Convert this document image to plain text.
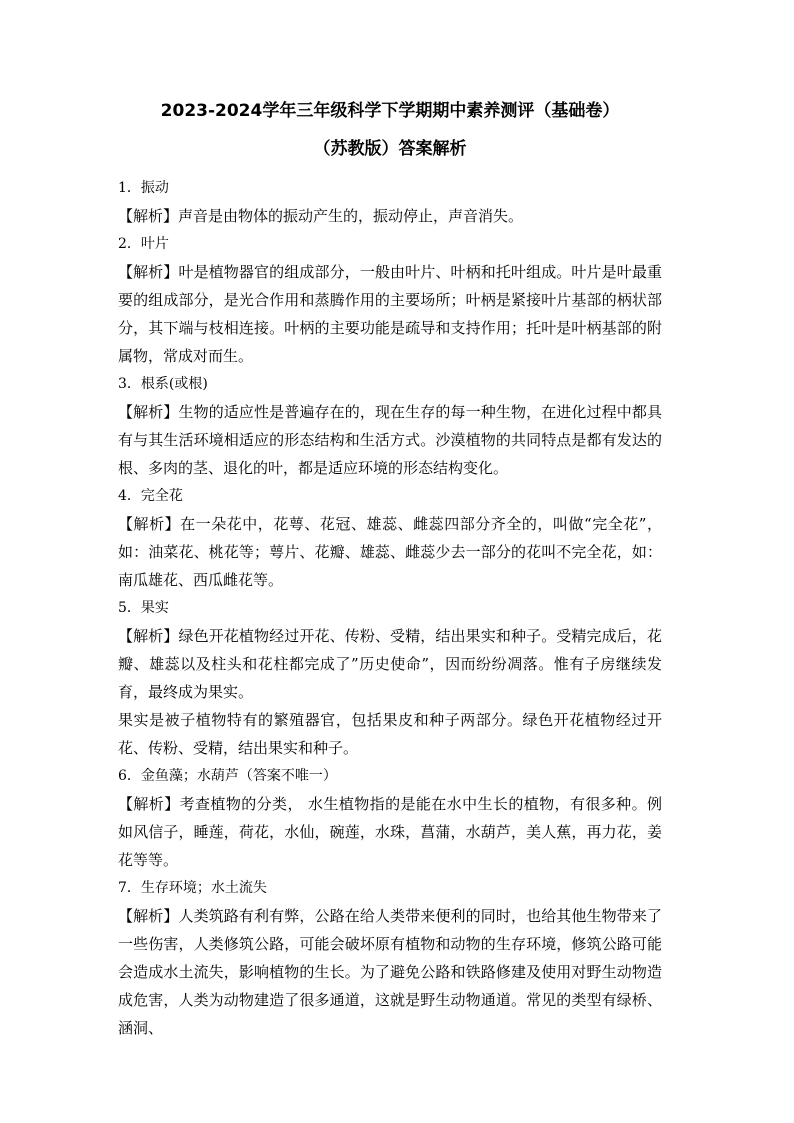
2023-2024学年三年级科学下学期期中素养测评（基础卷）

（苏教版）答案解析

1．振动

【解析】声音是由物体的振动产生的，振动停止，声音消失。

2．叶片

【解析】叶是植物器官的组成部分，一般由叶片、叶柄和托叶组成。叶片是叶最重要的组成部分，是光合作用和蒸腾作用的主要场所；叶柄是紧接叶片基部的柄状部分，其下端与枝相连接。叶柄的主要功能是疏导和支持作用；托叶是叶柄基部的附属物，常成对而生。

3．根系(或根)

【解析】生物的适应性是普遍存在的，现在生存的每一种生物，在进化过程中都具有与其生活环境相适应的形态结构和生活方式。沙漠植物的共同特点是都有发达的根、多肉的茎、退化的叶，都是适应环境的形态结构变化。

4．完全花

【解析】在一朵花中，花萼、花冠、雄蕊、雌蕊四部分齐全的，叫做“完全花”，如：油菜花、桃花等；萼片、花瓣、雄蕊、雌蕊少去一部分的花叫不完全花，如：南瓜雄花、西瓜雌花等。

5．果实

【解析】绿色开花植物经过开花、传粉、受精，结出果实和种子。受精完成后，花瓣、雄蕊以及柱头和花柱都完成了”历史使命”，因而纷纷凋落。惟有子房继续发育，最终成为果实。

果实是被子植物特有的繁殖器官，包括果皮和种子两部分。绿色开花植物经过开花、传粉、受精，结出果实和种子。

6．金鱼藻；水葫芦（答案不唯一）

【解析】考查植物的分类， 水生植物指的是能在水中生长的植物，有很多种。例如风信子，睡莲，荷花，水仙，碗莲，水珠，菖蒲，水葫芦，美人蕉，再力花，姜花等等。

7．生存环境；水土流失

【解析】人类筑路有利有弊，公路在给人类带来便利的同时，也给其他生物带来了一些伤害，人类修筑公路，可能会破坏原有植物和动物的生存环境，修筑公路可能会造成水土流失，影响植物的生长。为了避免公路和铁路修建及使用对野生动物造成危害，人类为动物建造了很多通道，这就是野生动物通道。常见的类型有绿桥、涵洞、
